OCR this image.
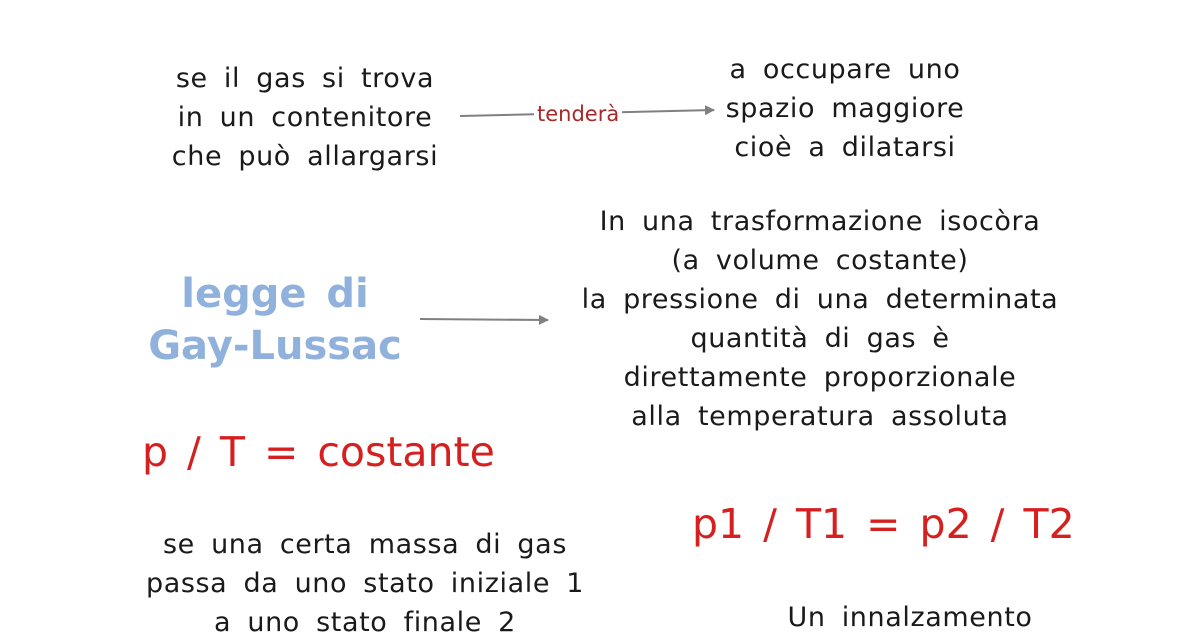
tenderà
se il gas si trova
in un contenitore
che può allargarsi
a occupare uno
spazio maggiore
cioè a dilatarsi
legge di
Gay-Lussac
In una trasformazione isocòra
(a volume costante)
la pressione di una determinata
quantità di gas è
direttamente proporzionale
alla temperatura assoluta
p / T = costante
p1 / T1 = p2 / T2
se una certa massa di gas
passa da uno stato iniziale 1
a uno stato finale 2	Un innalzamento
